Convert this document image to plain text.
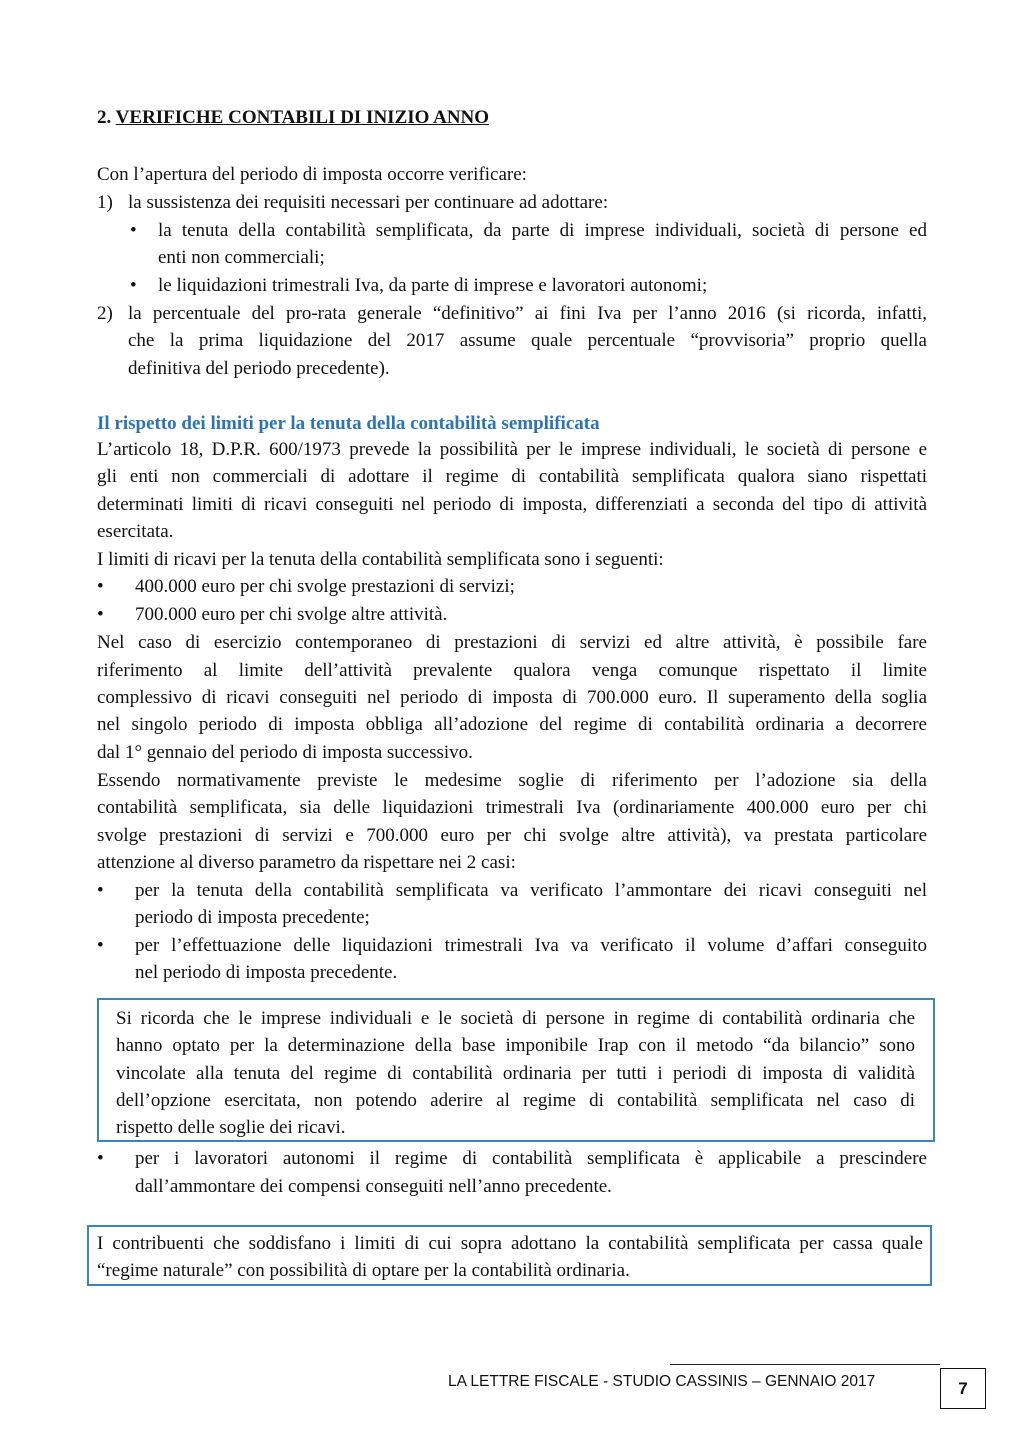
2. VERIFICHE CONTABILI DI INIZIO ANNO
Con l’apertura del periodo di imposta occorre verificare:
1) la sussistenza dei requisiti necessari per continuare ad adottare:
• la tenuta della contabilità semplificata, da parte di imprese individuali, società di persone ed
enti non commerciali;
• le liquidazioni trimestrali Iva, da parte di imprese e lavoratori autonomi;
2) la percentuale del pro-rata generale “definitivo” ai fini Iva per l’anno 2016 (si ricorda, infatti,
che la prima liquidazione del 2017 assume quale percentuale “provvisoria” proprio quella
definitiva del periodo precedente).
Il rispetto dei limiti per la tenuta della contabilità semplificata
L’articolo 18, D.P.R. 600/1973 prevede la possibilità per le imprese individuali, le società di persone e
gli enti non commerciali di adottare il regime di contabilità semplificata qualora siano rispettati
determinati limiti di ricavi conseguiti nel periodo di imposta, differenziati a seconda del tipo di attività
esercitata.
I limiti di ricavi per la tenuta della contabilità semplificata sono i seguenti:
• 400.000 euro per chi svolge prestazioni di servizi;
• 700.000 euro per chi svolge altre attività.
Nel caso di esercizio contemporaneo di prestazioni di servizi ed altre attività, è possibile fare
riferimento al limite dell’attività prevalente qualora venga comunque rispettato il limite
complessivo di ricavi conseguiti nel periodo di imposta di 700.000 euro. Il superamento della soglia
nel singolo periodo di imposta obbliga all’adozione del regime di contabilità ordinaria a decorrere
dal 1° gennaio del periodo di imposta successivo.
Essendo normativamente previste le medesime soglie di riferimento per l’adozione sia della
contabilità semplificata, sia delle liquidazioni trimestrali Iva (ordinariamente 400.000 euro per chi
svolge prestazioni di servizi e 700.000 euro per chi svolge altre attività), va prestata particolare
attenzione al diverso parametro da rispettare nei 2 casi:
• per la tenuta della contabilità semplificata va verificato l’ammontare dei ricavi conseguiti nel
periodo di imposta precedente;
• per l’effettuazione delle liquidazioni trimestrali Iva va verificato il volume d’affari conseguito
nel periodo di imposta precedente.
Si ricorda che le imprese individuali e le società di persone in regime di contabilità ordinaria che
hanno optato per la determinazione della base imponibile Irap con il metodo “da bilancio” sono
vincolate alla tenuta del regime di contabilità ordinaria per tutti i periodi di imposta di validità
dell’opzione esercitata, non potendo aderire al regime di contabilità semplificata nel caso di
rispetto delle soglie dei ricavi.
• per i lavoratori autonomi il regime di contabilità semplificata è applicabile a prescindere
dall’ammontare dei compensi conseguiti nell’anno precedente.
I contribuenti che soddisfano i limiti di cui sopra adottano la contabilità semplificata per cassa quale
“regime naturale” con possibilità di optare per la contabilità ordinaria.
LA LETTRE FISCALE - STUDIO CASSINIS – GENNAIO 2017	7
